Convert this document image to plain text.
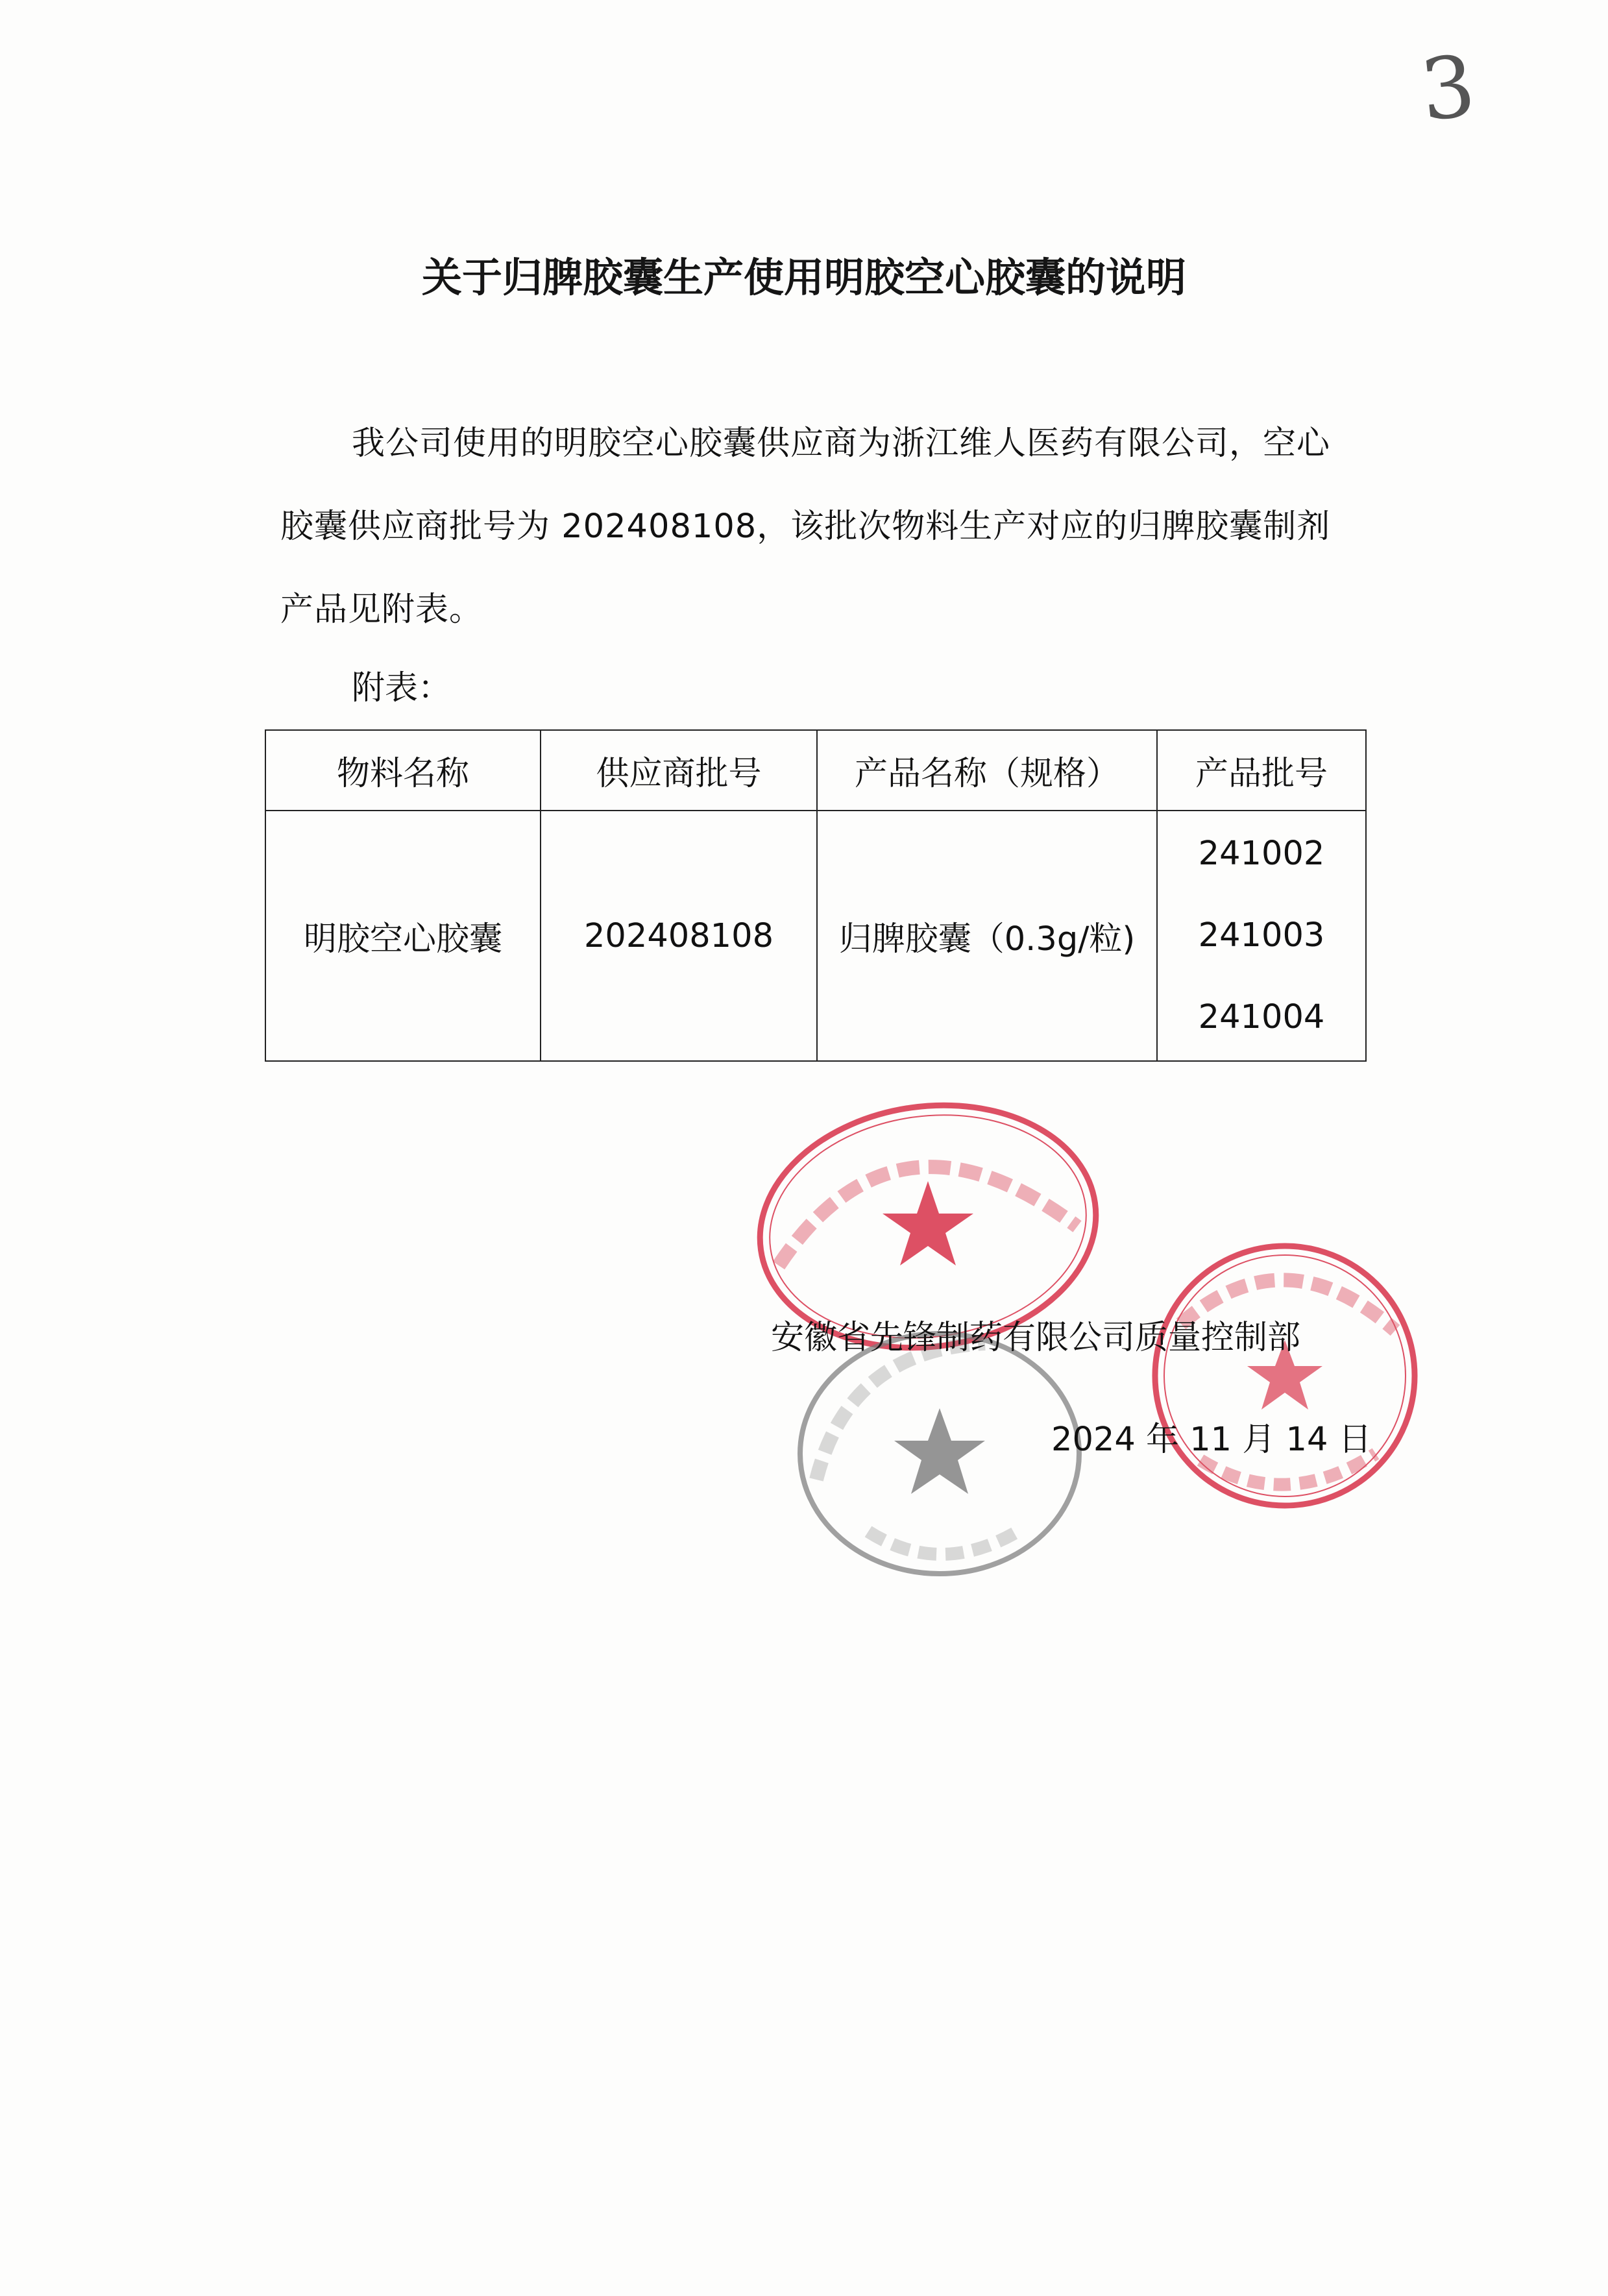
3
关于归脾胶囊生产使用明胶空心胶囊的说明
我公司使用的明胶空心胶囊供应商为浙江维人医药有限公司，空心胶囊供应商批号为 202408108，该批次物料生产对应的归脾胶囊制剂产品见附表。
附表：
物料名称	供应商批号	产品名称（规格）	产品批号
明胶空心胶囊	202408108	归脾胶囊（0.3g/粒)	241002
241003
241004
安徽省先锋制药有限公司质量控制部
2024 年 11 月 14 日
